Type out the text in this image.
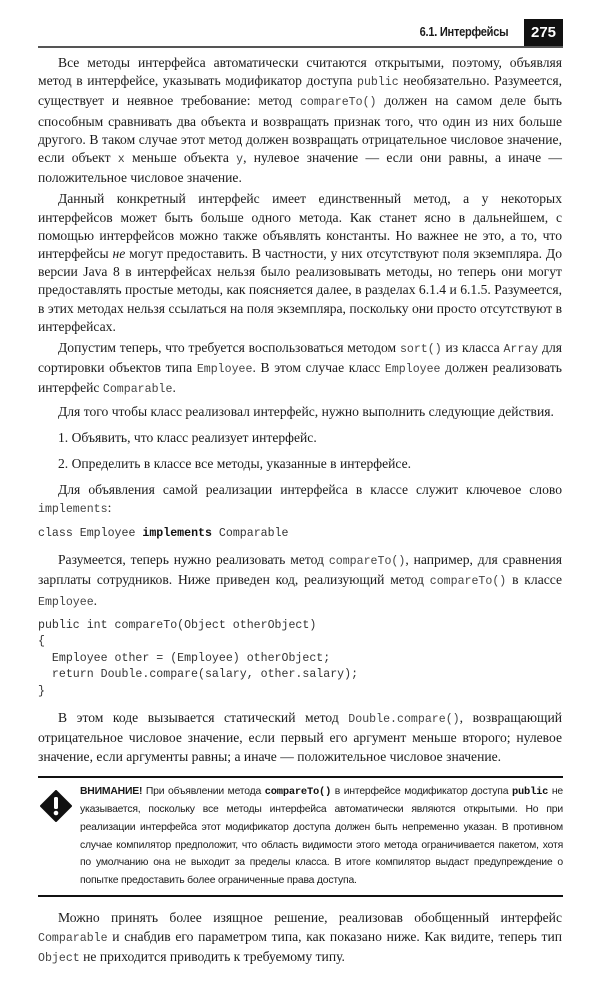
6.1. Интерфейсы	275

Все методы интерфейса автоматически считаются открытыми, поэтому, объявляя метод в интерфейсе, указывать модификатор доступа public необязательно. Разумеется, существует и неявное требование: метод compareTo() должен на самом деле быть способным сравнивать два объекта и возвращать признак того, что один из них больше другого. В таком случае этот метод должен возвращать отрицательное числовое значение, если объект x меньше объекта y, нулевое значение — если они равны, а иначе — положительное числовое значение.

Данный конкретный интерфейс имеет единственный метод, а у некоторых интерфейсов может быть больше одного метода. Как станет ясно в дальнейшем, с помощью интерфейсов можно также объявлять константы. Но важнее не это, а то, что интерфейсы не могут предоставить. В частности, у них отсутствуют поля экземпляра. До версии Java 8 в интерфейсах нельзя было реализовывать методы, но теперь они могут предоставлять простые методы, как поясняется далее, в разделах 6.1.4 и 6.1.5. Разумеется, в этих методах нельзя ссылаться на поля экземпляра, поскольку они просто отсутствуют в интерфейсах.

Допустим теперь, что требуется воспользоваться методом sort() из класса Array для сортировки объектов типа Employee. В этом случае класс Employee должен реализовать интерфейс Comparable.

Для того чтобы класс реализовал интерфейс, нужно выполнить следующие действия.

1. Объявить, что класс реализует интерфейс.
2. Определить в классе все методы, указанные в интерфейсе.

Для объявления самой реализации интерфейса в классе служит ключевое слово implements:

class Employee implements Comparable

Разумеется, теперь нужно реализовать метод compareTo(), например, для сравнения зарплаты сотрудников. Ниже приведен код, реализующий метод compareTo() в классе Employee.

public int compareTo(Object otherObject)
{
Employee other = (Employee) otherObject;
return Double.compare(salary, other.salary);
}

В этом коде вызывается статический метод Double.compare(), возвращающий отрицательное числовое значение, если первый его аргумент меньше второго; нулевое значение, если аргументы равны; а иначе — положительное числовое значение.

ВНИМАНИЕ! При объявлении метода compareTo() в интерфейсе модификатор доступа public не указывается, поскольку все методы интерфейса автоматически являются открытыми. Но при реализации интерфейса этот модификатор доступа должен быть непременно указан. В противном случае компилятор предположит, что область видимости этого метода ограничивается пакетом, хотя по умолчанию она не выходит за пределы класса. В итоге компилятор выдаст предупреждение о попытке предоставить более ограниченные права доступа.

Можно принять более изящное решение, реализовав обобщенный интерфейс Comparable и снабдив его параметром типа, как показано ниже. Как видите, теперь тип Object не приходится приводить к требуемому типу.
